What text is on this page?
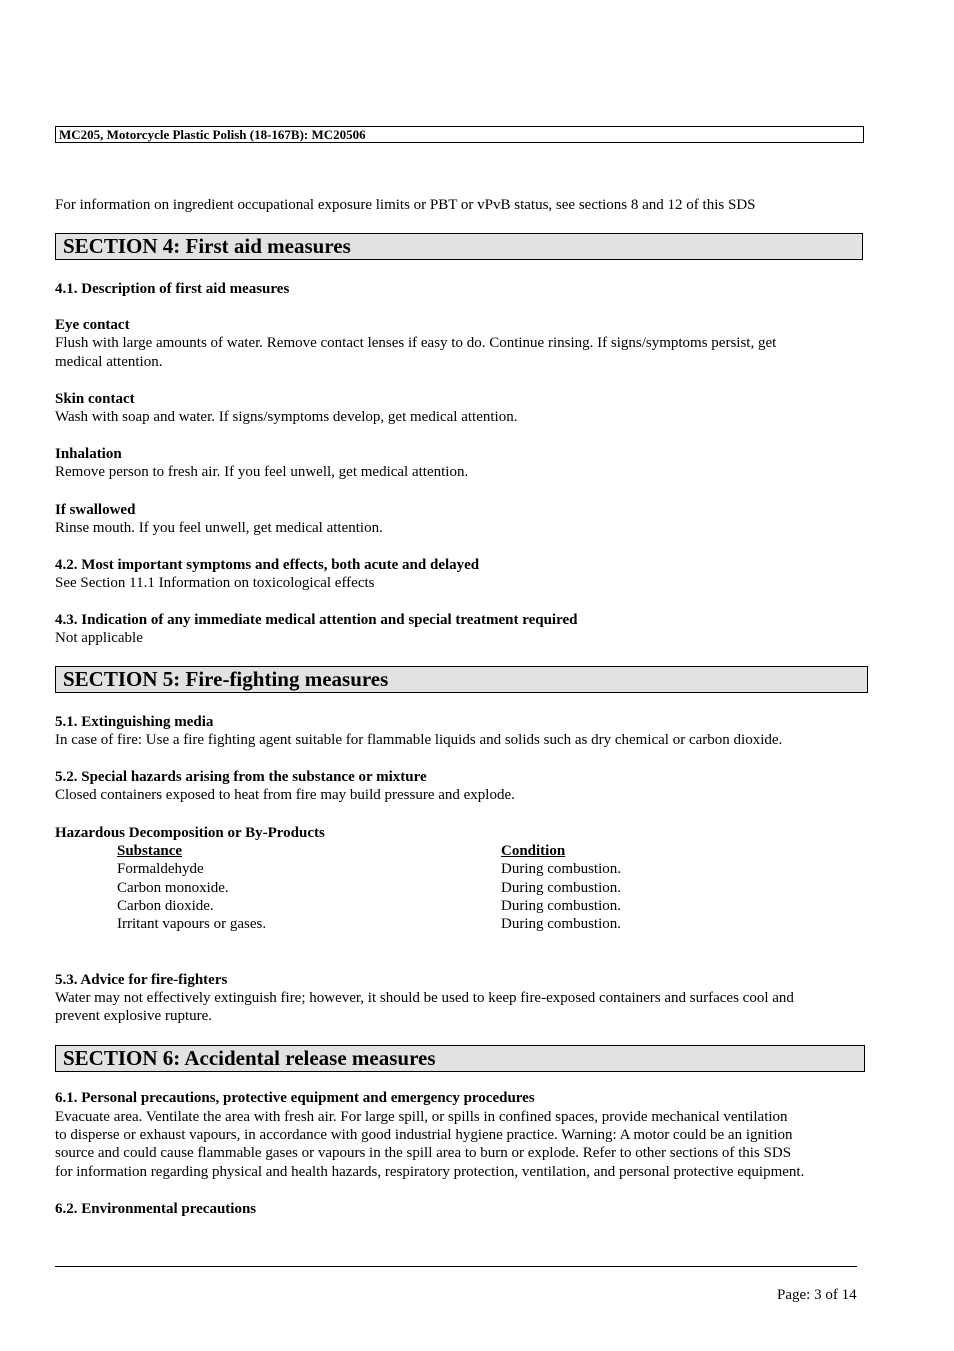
MC205, Motorcycle Plastic Polish (18-167B): MC20506
For information on ingredient occupational exposure limits or PBT or vPvB status, see sections 8 and 12 of this SDS
SECTION 4: First aid measures
4.1. Description of first aid measures
Eye contact
Flush with large amounts of water. Remove contact lenses if easy to do. Continue rinsing. If signs/symptoms persist, get
medical attention.
Skin contact
Wash with soap and water. If signs/symptoms develop, get medical attention.
Inhalation
Remove person to fresh air. If you feel unwell, get medical attention.
If swallowed
Rinse mouth. If you feel unwell, get medical attention.
4.2. Most important symptoms and effects, both acute and delayed
See Section 11.1 Information on toxicological effects
4.3. Indication of any immediate medical attention and special treatment required
Not applicable
SECTION 5: Fire-fighting measures
5.1. Extinguishing media
In case of fire: Use a fire fighting agent suitable for flammable liquids and solids such as dry chemical or carbon dioxide.
5.2. Special hazards arising from the substance or mixture
Closed containers exposed to heat from fire may build pressure and explode.
Hazardous Decomposition or By-Products
Substance	Condition
Formaldehyde	During combustion.
Carbon monoxide.	During combustion.
Carbon dioxide.	During combustion.
Irritant vapours or gases.	During combustion.
5.3. Advice for fire-fighters
Water may not effectively extinguish fire; however, it should be used to keep fire-exposed containers and surfaces cool and
prevent explosive rupture.
SECTION 6: Accidental release measures
6.1. Personal precautions, protective equipment and emergency procedures
Evacuate area. Ventilate the area with fresh air. For large spill, or spills in confined spaces, provide mechanical ventilation
to disperse or exhaust vapours, in accordance with good industrial hygiene practice. Warning: A motor could be an ignition
source and could cause flammable gases or vapours in the spill area to burn or explode. Refer to other sections of this SDS
for information regarding physical and health hazards, respiratory protection, ventilation, and personal protective equipment.
6.2. Environmental precautions
Page: 3 of 14
